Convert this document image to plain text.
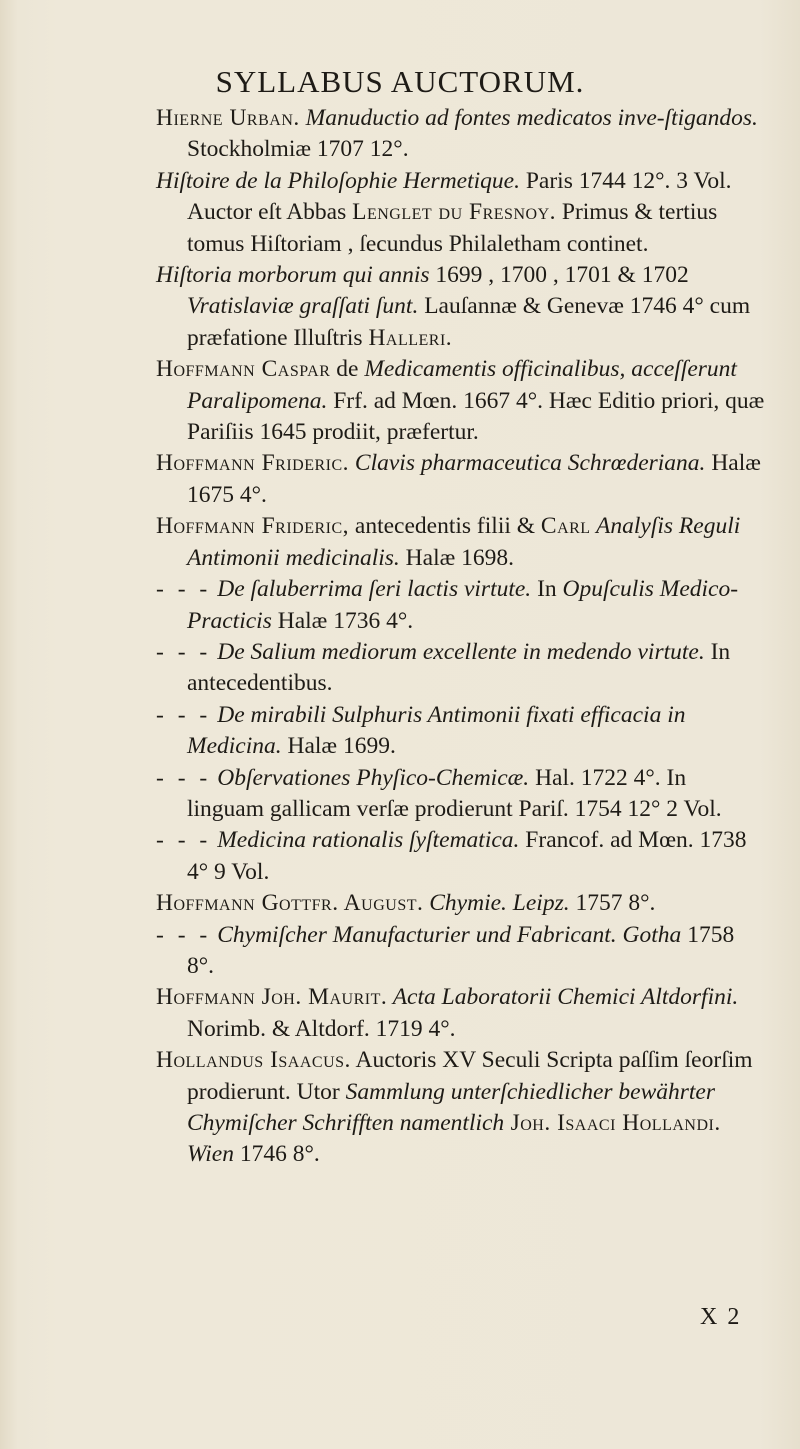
SYLLABUS AUCTORUM.

Hierne Urban. Manuductio ad fontes medicatos inve-ſtigandos. Stockholmiæ 1707 12°.

Hiſtoire de la Philoſophie Hermetique. Paris 1744 12°. 3 Vol. Auctor eſt Abbas Lenglet du Fresnoy. Primus & tertius tomus Hiſtoriam , ſecundus Philaletham continet.

Hiſtoria morborum qui annis 1699 , 1700 , 1701 & 1702 Vratislaviæ graſſati ſunt. Lauſannæ & Genevæ 1746 4° cum præfatione Illuſtris Halleri.

Hoffmann Caspar de Medicamentis officinalibus, acceſſerunt Paralipomena. Frf. ad Mœn. 1667 4°. Hæc Editio priori, quæ Pariſiis 1645 prodiit, præfertur.

Hoffmann Frideric. Clavis pharmaceutica Schrœderiana. Halæ 1675 4°.

Hoffmann Frideric, antecedentis filii & Carl Analyſis Reguli Antimonii medicinalis. Halæ 1698.

- - - De ſaluberrima ſeri lactis virtute. In Opuſculis Medico-Practicis Halæ 1736 4°.

- - - De Salium mediorum excellente in medendo virtute. In antecedentibus.

- - - De mirabili Sulphuris Antimonii fixati efficacia in Medicina. Halæ 1699.

- - - Obſervationes Phyſico-Chemicæ. Hal. 1722 4°. In linguam gallicam verſæ prodierunt Pariſ. 1754 12° 2 Vol.

- - - Medicina rationalis ſyſtematica. Francof. ad Mœn. 1738 4° 9 Vol.

Hoffmann Gottfr. August. Chymie. Leipz. 1757 8°.

- - - Chymiſcher Manufacturier und Fabricant. Gotha 1758 8°.

Hoffmann Joh. Maurit. Acta Laboratorii Chemici Altdorfini. Norimb. & Altdorf. 1719 4°.

Hollandus Isaacus. Auctoris XV Seculi Scripta paſſim ſeorſim prodierunt. Utor Sammlung unterſchiedlicher bewährter Chymiſcher Schrifften namentlich Joh. Isaaci Hollandi. Wien 1746 8°.

X 2
